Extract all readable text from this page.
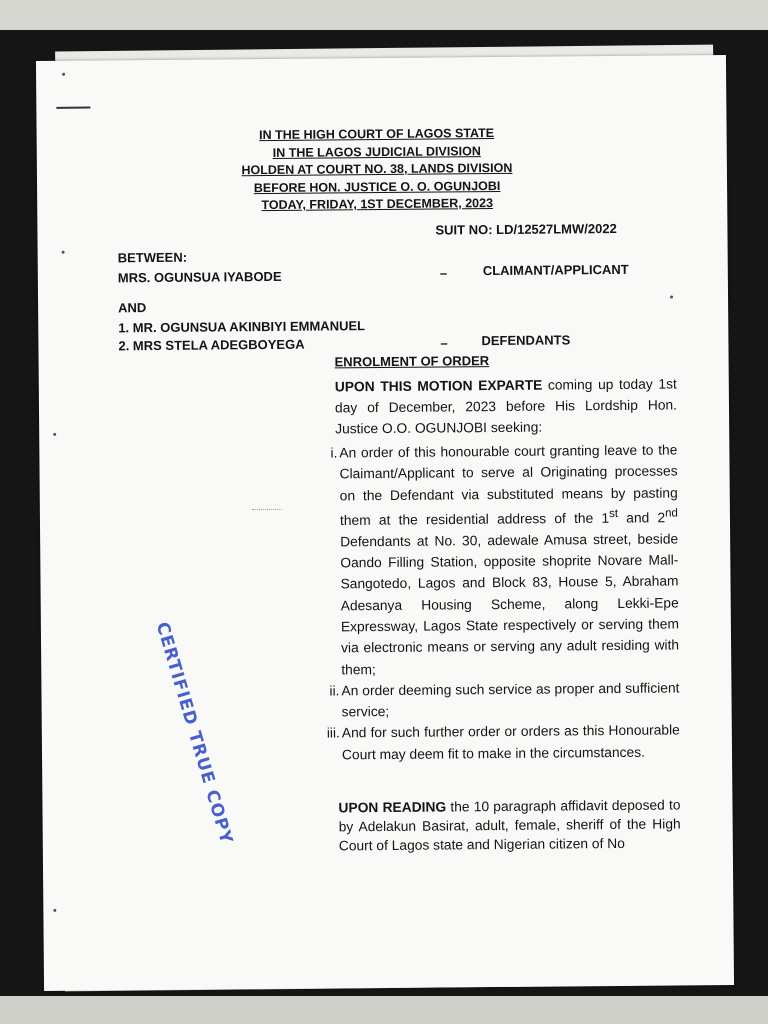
IN THE HIGH COURT OF LAGOS STATE
IN THE LAGOS JUDICIAL DIVISION
HOLDEN AT COURT NO. 38, LANDS DIVISION
BEFORE HON. JUSTICE O. O. OGUNJOBI
TODAY, FRIDAY, 1ST DECEMBER, 2023
SUIT NO: LD/12527LMW/2022
BETWEEN:
MRS. OGUNSUA IYABODE	–	CLAIMANT/APPLICANT
AND
1. MR. OGUNSUA AKINBIYI EMMANUEL
2. MRS STELA ADEGBOYEGA	–	DEFENDANTS
ENROLMENT OF ORDER
UPON THIS MOTION EXPARTE coming up today 1st day of December, 2023 before His Lordship Hon. Justice O.O. OGUNJOBI seeking:
i. An order of this honourable court granting leave to the Claimant/Applicant to serve al Originating processes on the Defendant via substituted means by pasting them at the residential address of the 1st and 2nd Defendants at No. 30, adewale Amusa street, beside Oando Filling Station, opposite shoprite Novare Mall- Sangotedo, Lagos and Block 83, House 5, Abraham Adesanya Housing Scheme, along Lekki-Epe Expressway, Lagos State respectively or serving them via electronic means or serving any adult residing with them;
ii. An order deeming such service as proper and sufficient service;
iii. And for such further order or orders as this Honourable Court may deem fit to make in the circumstances.
UPON READING the 10 paragraph affidavit deposed to by Adelakun Basirat, adult, female, sheriff of the High Court of Lagos state and Nigerian citizen of No
CERTIFIED TRUE COPY
